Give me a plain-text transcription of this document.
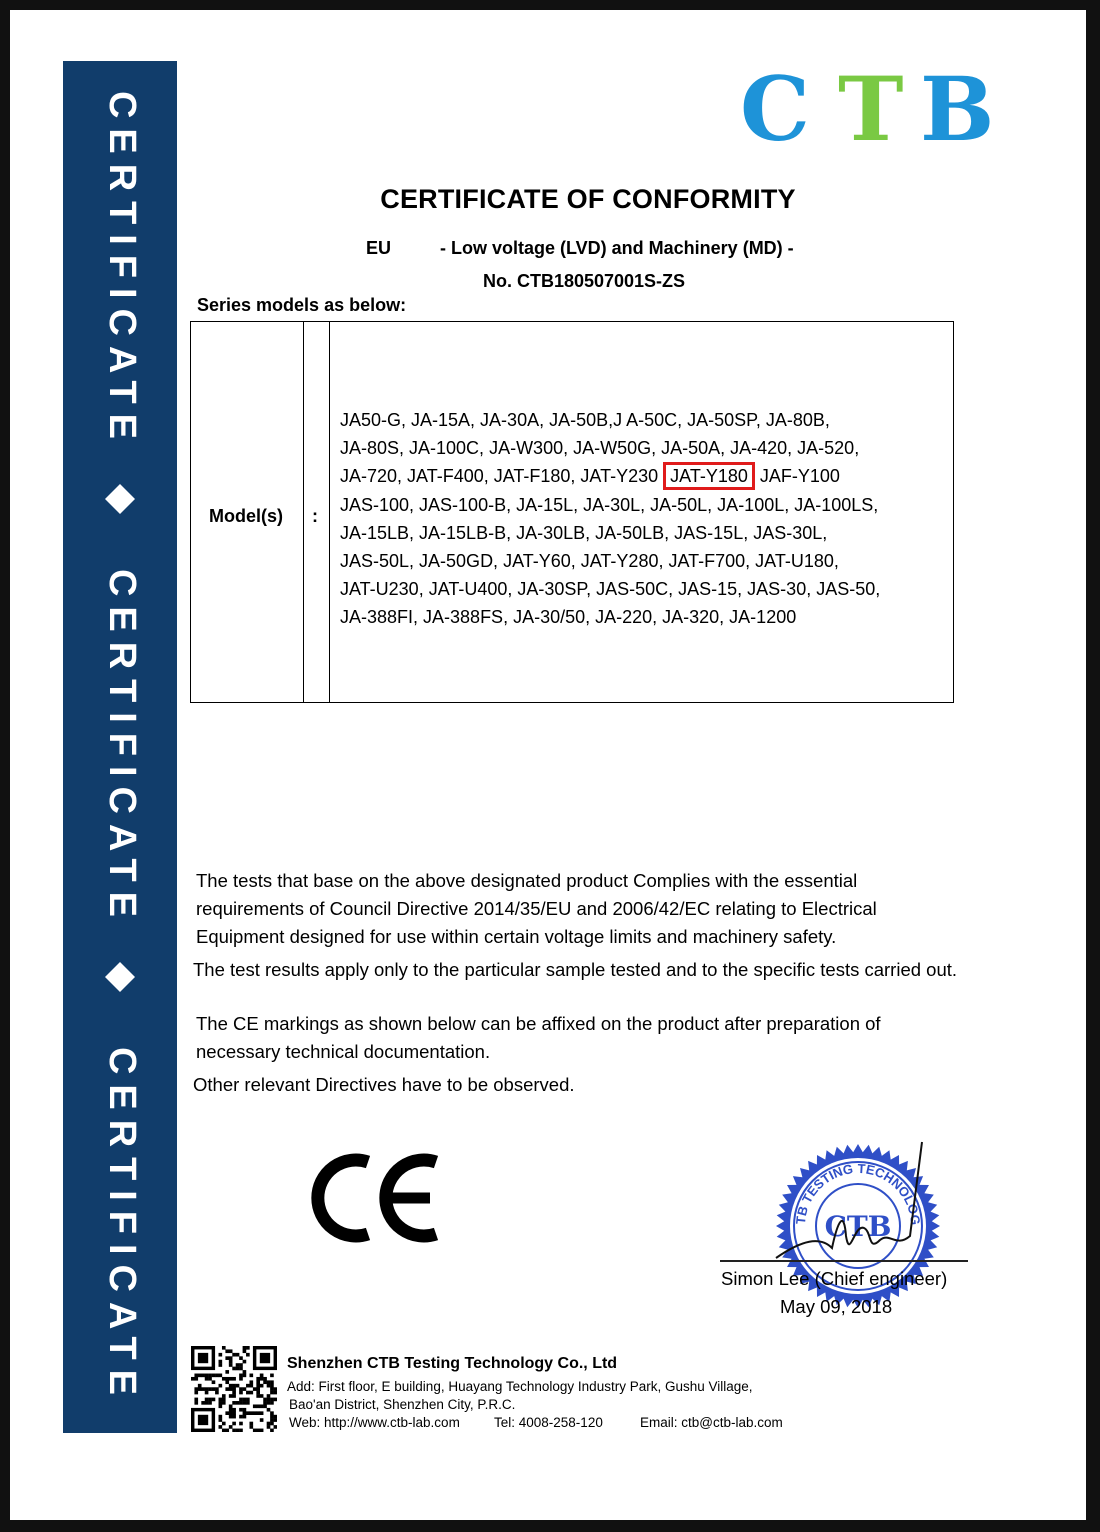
CERTIFICATE
CERTIFICATE
CERTIFICATE
C T B
CERTIFICATE OF CONFORMITY
EU	- Low voltage (LVD) and Machinery (MD) -
No. CTB180507001S-ZS
Series models as below:
Model(s) :
JA50-G, JA-15A, JA-30A, JA-50B,J A-50C, JA-50SP, JA-80B,
JA-80S, JA-100C, JA-W300, JA-W50G, JA-50A, JA-420, JA-520,
JA-720, JAT-F400, JAT-F180, JAT-Y230 JAT-Y180 JAF-Y100
JAS-100, JAS-100-B, JA-15L, JA-30L, JA-50L, JA-100L, JA-100LS,
JA-15LB, JA-15LB-B, JA-30LB, JA-50LB, JAS-15L, JAS-30L,
JAS-50L, JA-50GD, JAT-Y60, JAT-Y280, JAT-F700, JAT-U180,
JAT-U230, JAT-U400, JA-30SP, JAS-50C, JAS-15, JAS-30, JAS-50,
JA-388FI, JA-388FS, JA-30/50, JA-220, JA-320, JA-1200
The tests that base on the above designated product Complies with the essential requirements of Council Directive 2014/35/EU and 2006/42/EC relating to Electrical Equipment designed for use within certain voltage limits and machinery safety.
The test results apply only to the particular sample tested and to the specific tests carried out.
The CE markings as shown below can be affixed on the product after preparation of necessary technical documentation.
Other relevant Directives have to be observed.
TB TESTING TECHNOLOG
CTB
Simon Lee (Chief engineer)
May 09, 2018
Shenzhen CTB Testing Technology Co., Ltd
Add: First floor, E building, Huayang Technology Industry Park, Gushu Village,
Bao'an District, Shenzhen City, P.R.C.
Web: http://www.ctb-lab.com	Tel: 4008-258-120	Email: ctb@ctb-lab.com
